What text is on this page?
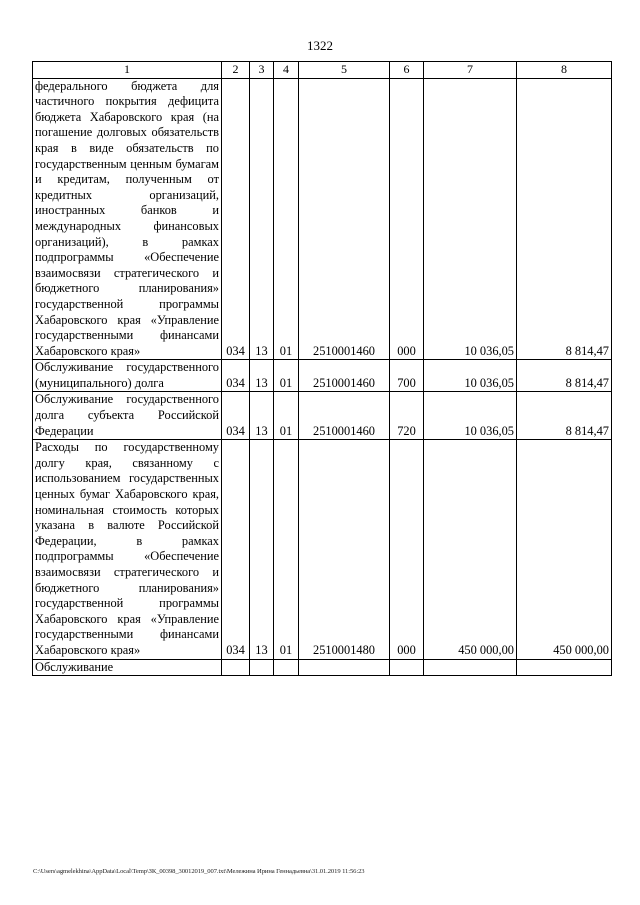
1322
1	2	3	4	5	6	7	8
федерального бюджета для частичного покрытия дефицита бюджета Хабаровского края (на погашение долговых обязательств края в виде обязательств по государственным ценным бумагам и кредитам, полученным от кредитных организаций, иностранных банков и международных финансовых организаций), в рамках подпрограммы «Обеспечение взаимосвязи стратегического и бюджетного планирования» государственной программы Хабаровского края «Управление государственными финансами Хабаровского края»	034	13	01	2510001460	000	10 036,05	8 814,47
Обслуживание государственного (муниципального) долга	034	13	01	2510001460	700	10 036,05	8 814,47
Обслуживание государственного долга субъекта Российской Федерации	034	13	01	2510001460	720	10 036,05	8 814,47
Расходы по государственному долгу края, связанному с использованием государственных ценных бумаг Хабаровского края, номинальная стоимость которых указана в валюте Российской Федерации, в рамках подпрограммы «Обеспечение взаимосвязи стратегического и бюджетного планирования» государственной программы Хабаровского края «Управление государственными финансами Хабаровского края»	034	13	01	2510001480	000	450 000,00	450 000,00
Обслуживание							
C:\Users\agmelekhina\AppData\Local\Temp\ЗК_00398_30012019_007.txt\Мележина Ирина Геннадьевна\31.01.2019 11:56:23
